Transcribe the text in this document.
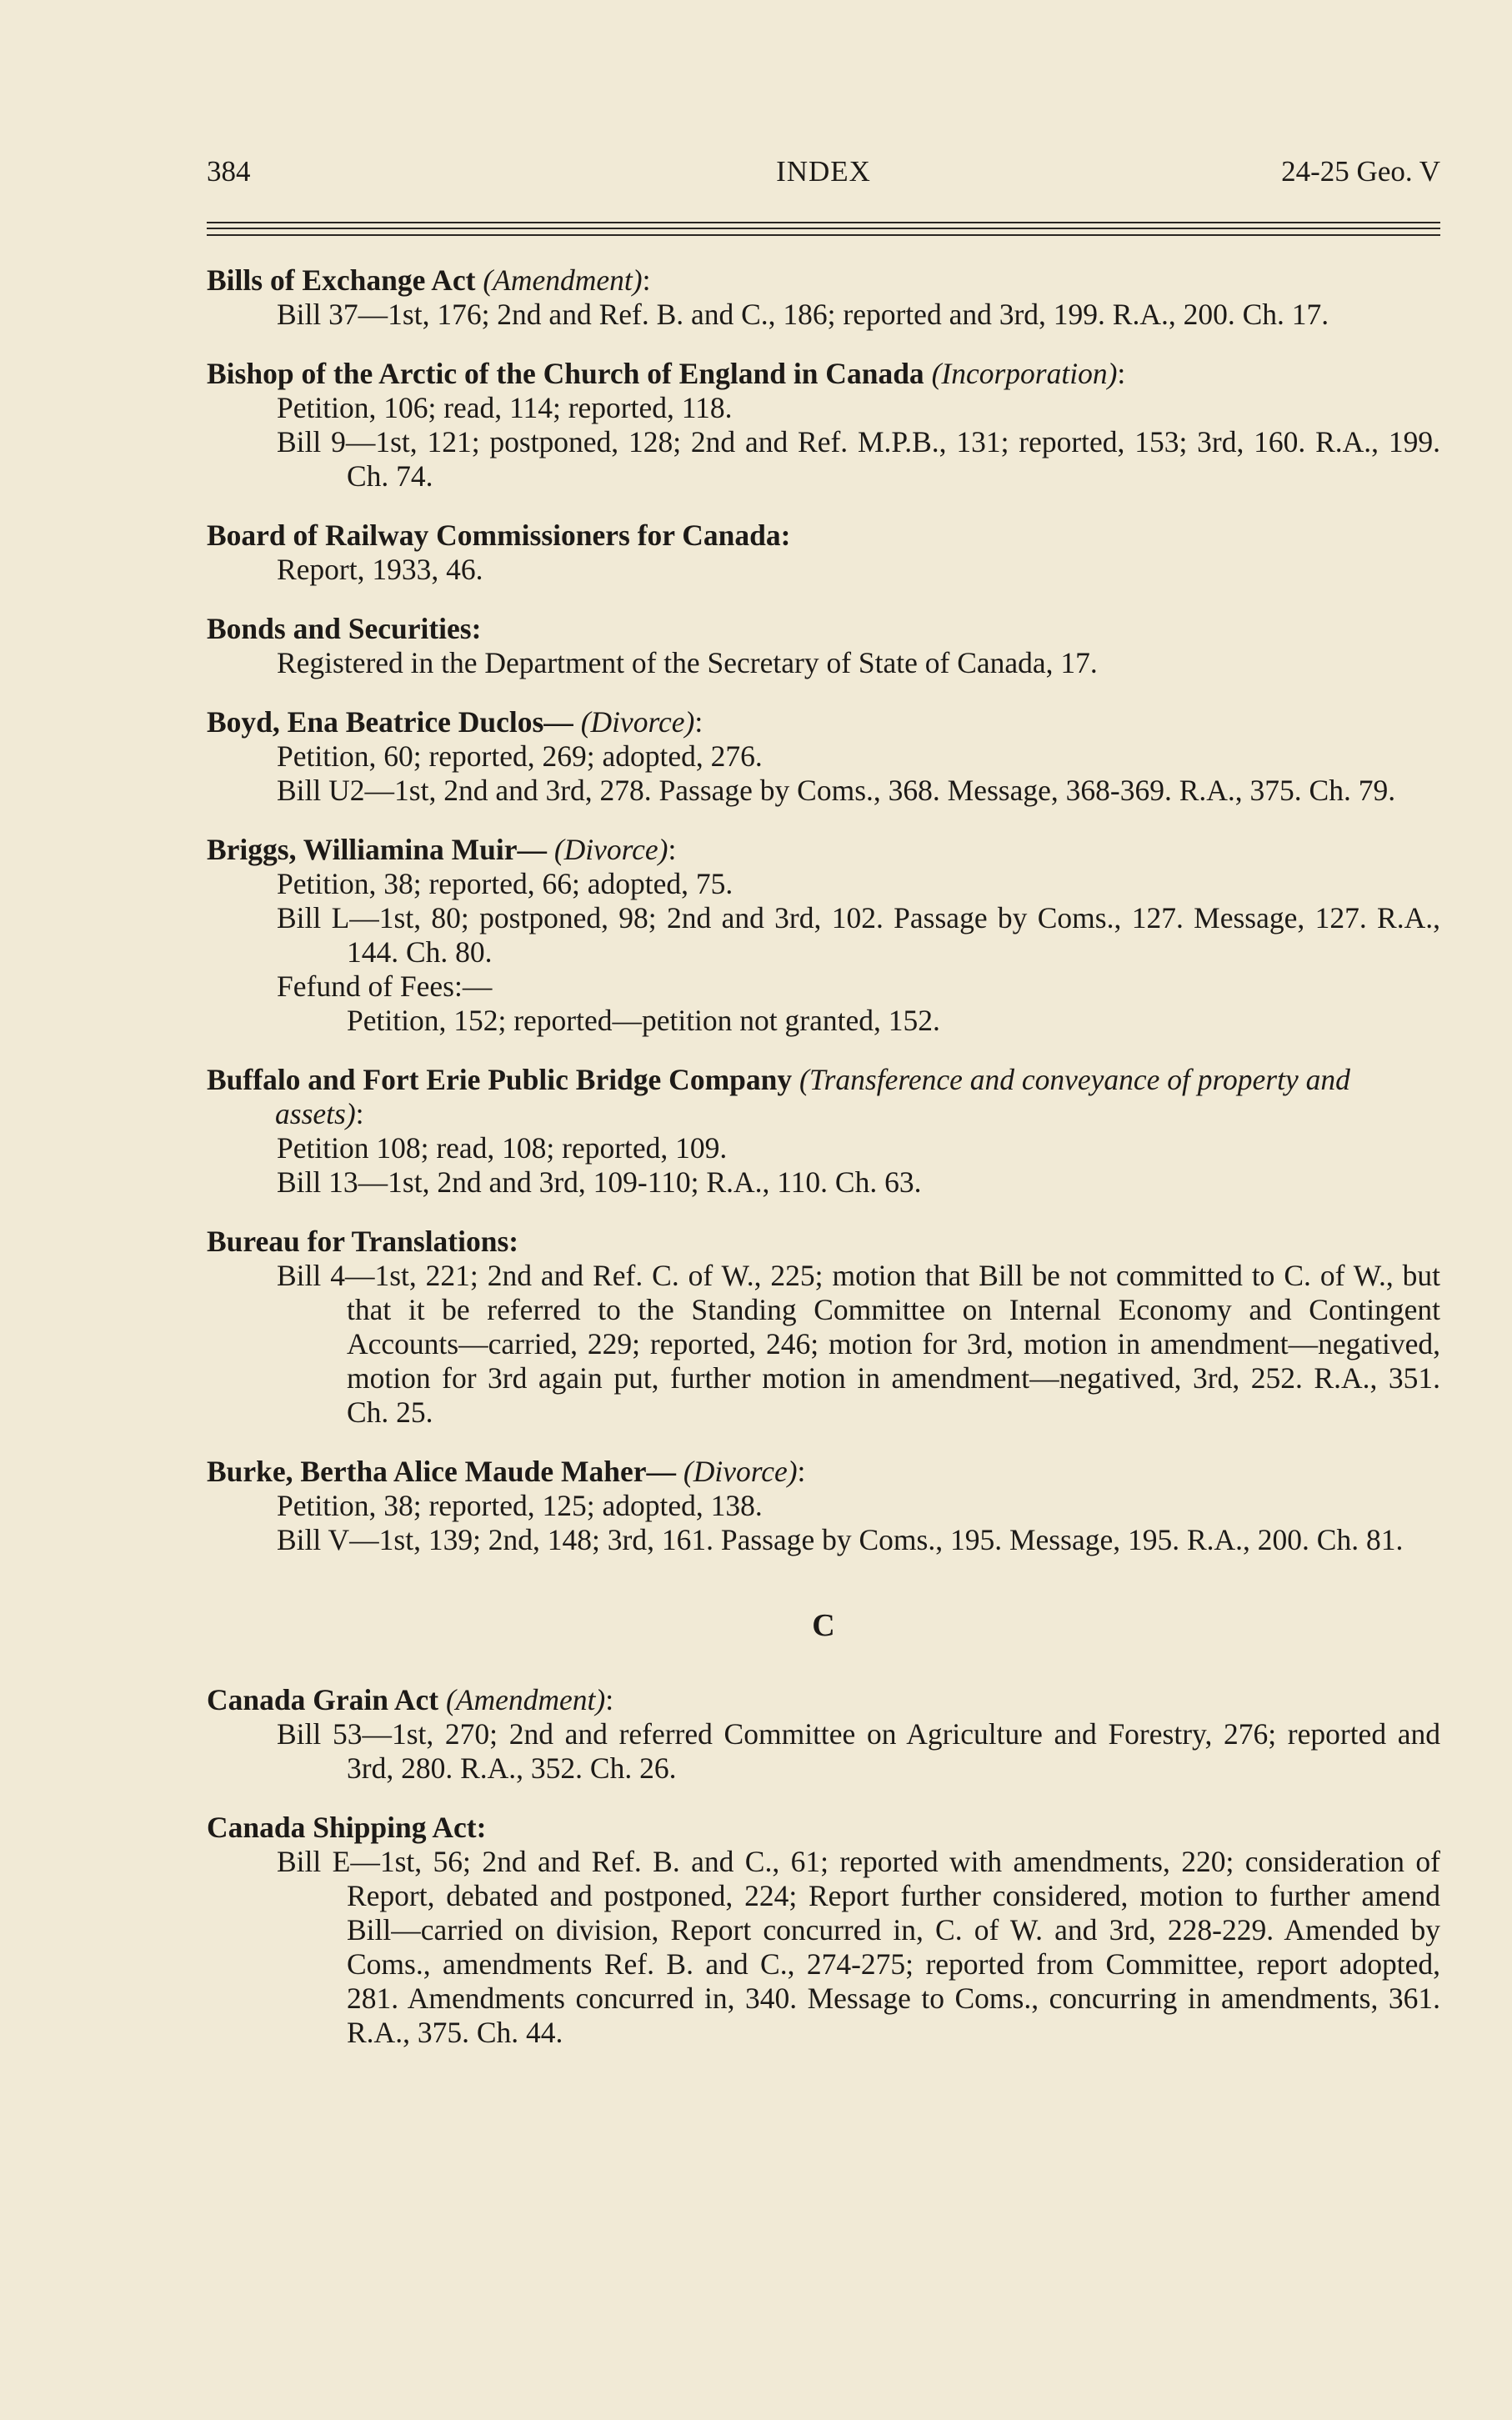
384	INDEX	24-25 Geo. V

Bills of Exchange Act (Amendment):

Bill 37—1st, 176; 2nd and Ref. B. and C., 186; reported and 3rd, 199. R.A., 200. Ch. 17.

Bishop of the Arctic of the Church of England in Canada (Incorporation):

Petition, 106; read, 114; reported, 118.

Bill 9—1st, 121; postponed, 128; 2nd and Ref. M.P.B., 131; reported, 153; 3rd, 160. R.A., 199. Ch. 74.

Board of Railway Commissioners for Canada:

Report, 1933, 46.

Bonds and Securities:

Registered in the Department of the Secretary of State of Canada, 17.

Boyd, Ena Beatrice Duclos— (Divorce):

Petition, 60; reported, 269; adopted, 276.

Bill U2—1st, 2nd and 3rd, 278. Passage by Coms., 368. Message, 368-369. R.A., 375. Ch. 79.

Briggs, Williamina Muir— (Divorce):

Petition, 38; reported, 66; adopted, 75.

Bill L—1st, 80; postponed, 98; 2nd and 3rd, 102. Passage by Coms., 127. Message, 127. R.A., 144. Ch. 80.

Fefund of Fees:—

Petition, 152; reported—petition not granted, 152.

Buffalo and Fort Erie Public Bridge Company (Transference and conveyance of property and assets):

Petition 108; read, 108; reported, 109.

Bill 13—1st, 2nd and 3rd, 109-110; R.A., 110. Ch. 63.

Bureau for Translations:

Bill 4—1st, 221; 2nd and Ref. C. of W., 225; motion that Bill be not committed to C. of W., but that it be referred to the Standing Committee on Internal Economy and Contingent Accounts—carried, 229; reported, 246; motion for 3rd, motion in amendment—negatived, motion for 3rd again put, further motion in amendment—negatived, 3rd, 252. R.A., 351. Ch. 25.

Burke, Bertha Alice Maude Maher— (Divorce):

Petition, 38; reported, 125; adopted, 138.

Bill V—1st, 139; 2nd, 148; 3rd, 161. Passage by Coms., 195. Message, 195. R.A., 200. Ch. 81.

C

Canada Grain Act (Amendment):

Bill 53—1st, 270; 2nd and referred Committee on Agriculture and Forestry, 276; reported and 3rd, 280. R.A., 352. Ch. 26.

Canada Shipping Act:

Bill E—1st, 56; 2nd and Ref. B. and C., 61; reported with amendments, 220; consideration of Report, debated and postponed, 224; Report further considered, motion to further amend Bill—carried on division, Report concurred in, C. of W. and 3rd, 228-229. Amended by Coms., amendments Ref. B. and C., 274-275; reported from Committee, report adopted, 281. Amendments concurred in, 340. Message to Coms., concurring in amendments, 361. R.A., 375. Ch. 44.
